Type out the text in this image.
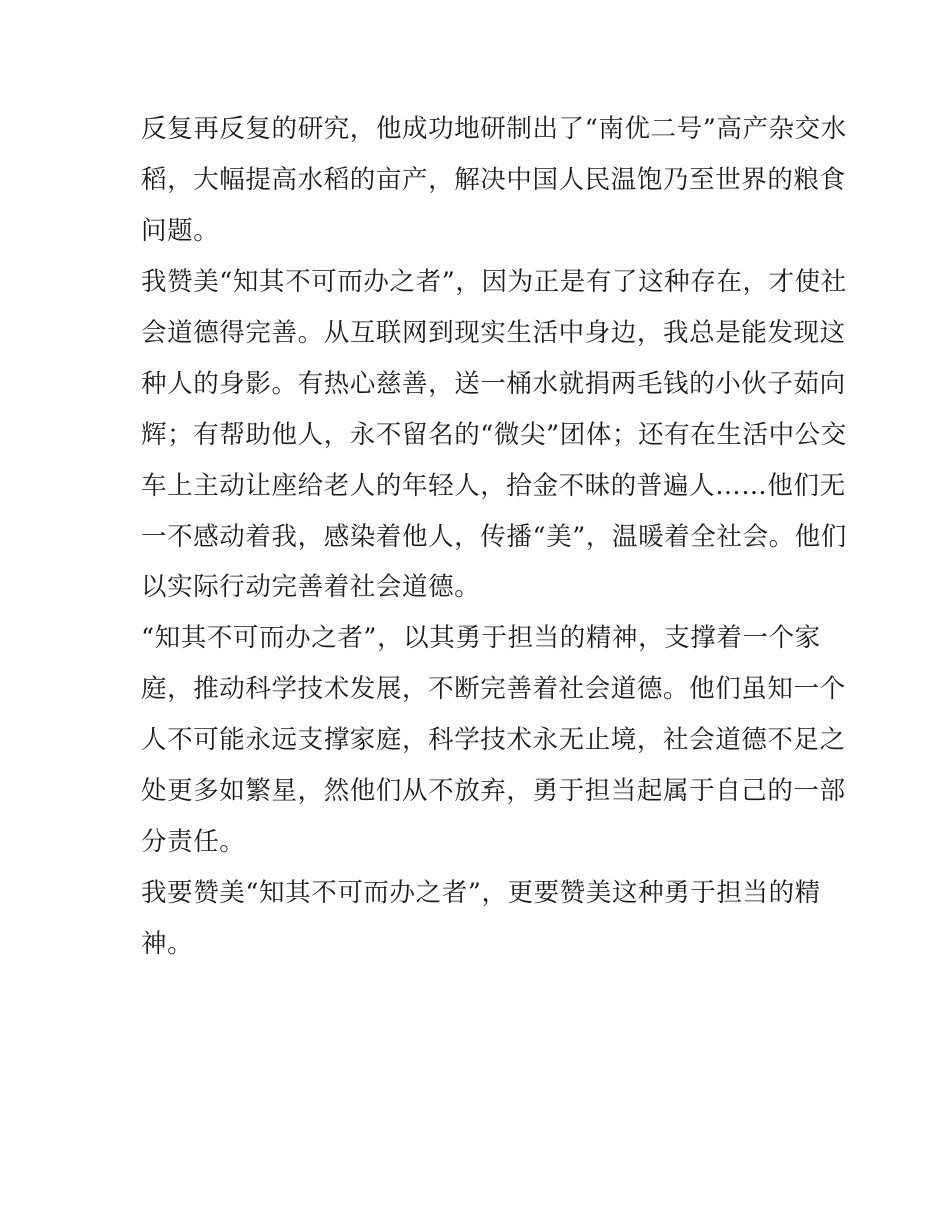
反复再反复的研究，他成功地研制出了“南优二号”高产杂交水
稻，大幅提高水稻的亩产，解决中国人民温饱乃至世界的粮食
问题。
我赞美“知其不可而办之者”，因为正是有了这种存在，才使社
会道德得完善。从互联网到现实生活中身边，我总是能发现这
种人的身影。有热心慈善，送一桶水就捐两毛钱的小伙子茹向
辉；有帮助他人，永不留名的“微尖”团体；还有在生活中公交
车上主动让座给老人的年轻人，拾金不昧的普遍人……他们无
一不感动着我，感染着他人，传播“美”，温暖着全社会。他们
以实际行动完善着社会道德。
“知其不可而办之者”，以其勇于担当的精神，支撑着一个家
庭，推动科学技术发展，不断完善着社会道德。他们虽知一个
人不可能永远支撑家庭，科学技术永无止境，社会道德不足之
处更多如繁星，然他们从不放弃，勇于担当起属于自己的一部
分责任。
我要赞美“知其不可而办之者”，更要赞美这种勇于担当的精
神。
